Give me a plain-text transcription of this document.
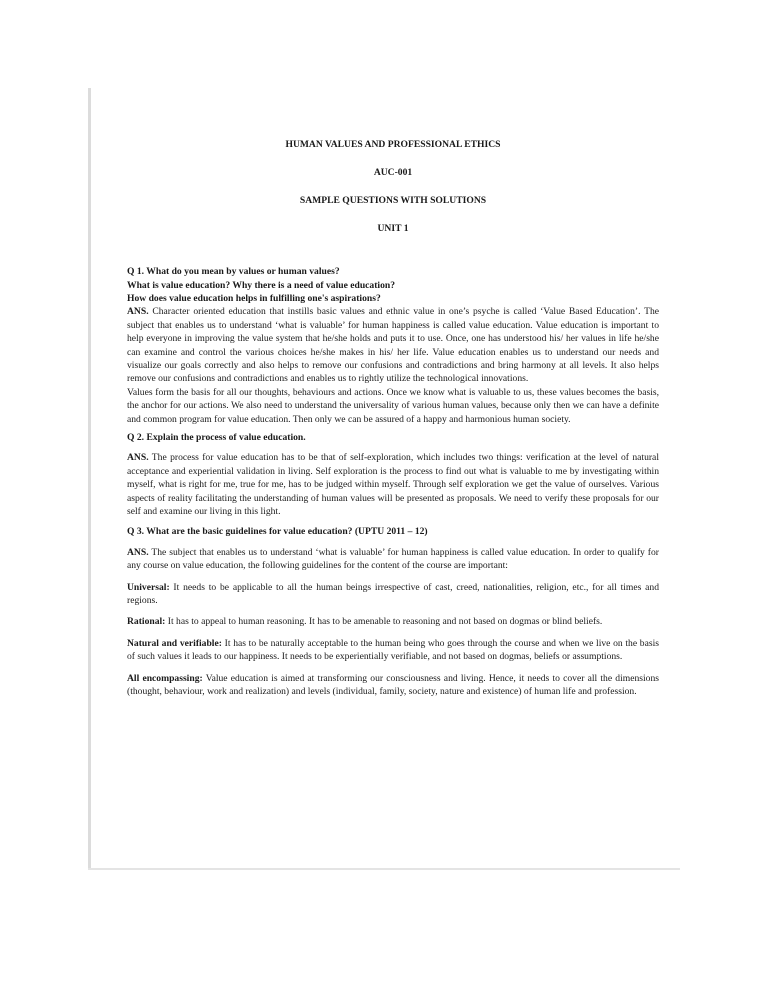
HUMAN VALUES AND PROFESSIONAL ETHICS
AUC-001
SAMPLE QUESTIONS WITH SOLUTIONS
UNIT 1

Q 1. What do you mean by values or human values?

What is value education? Why there is a need of value education?

How does value education helps in fulfilling one's aspirations?

ANS. Character oriented education that instills basic values and ethnic value in one’s psyche is called ‘Value Based Education’. The subject that enables us to understand ‘what is valuable’ for human happiness is called value education. Value education is important to help everyone in improving the value system that he/she holds and puts it to use. Once, one has understood his/ her values in life he/she can examine and control the various choices he/she makes in his/ her life. Value education enables us to understand our needs and visualize our goals correctly and also helps to remove our confusions and contradictions and bring harmony at all levels. It also helps remove our confusions and contradictions and enables us to rightly utilize the technological innovations.

Values form the basis for all our thoughts, behaviours and actions. Once we know what is valuable to us, these values becomes the basis, the anchor for our actions. We also need to understand the universality of various human values, because only then we can have a definite and common program for value education. Then only we can be assured of a happy and harmonious human society.

Q 2. Explain the process of value education.

ANS. The process for value education has to be that of self-exploration, which includes two things: verification at the level of natural acceptance and experiential validation in living. Self exploration is the process to find out what is valuable to me by investigating within myself, what is right for me, true for me, has to be judged within myself. Through self exploration we get the value of ourselves. Various aspects of reality facilitating the understanding of human values will be presented as proposals. We need to verify these proposals for our self and examine our living in this light.

Q 3. What are the basic guidelines for value education? (UPTU 2011 – 12)

ANS. The subject that enables us to understand ‘what is valuable’ for human happiness is called value education. In order to qualify for any course on value education, the following guidelines for the content of the course are important:

Universal: It needs to be applicable to all the human beings irrespective of cast, creed, nationalities, religion, etc., for all times and regions.

Rational: It has to appeal to human reasoning. It has to be amenable to reasoning and not based on dogmas or blind beliefs.

Natural and verifiable: It has to be naturally acceptable to the human being who goes through the course and when we live on the basis of such values it leads to our happiness. It needs to be experientially verifiable, and not based on dogmas, beliefs or assumptions.

All encompassing: Value education is aimed at transforming our consciousness and living. Hence, it needs to cover all the dimensions (thought, behaviour, work and realization) and levels (individual, family, society, nature and existence) of human life and profession.
